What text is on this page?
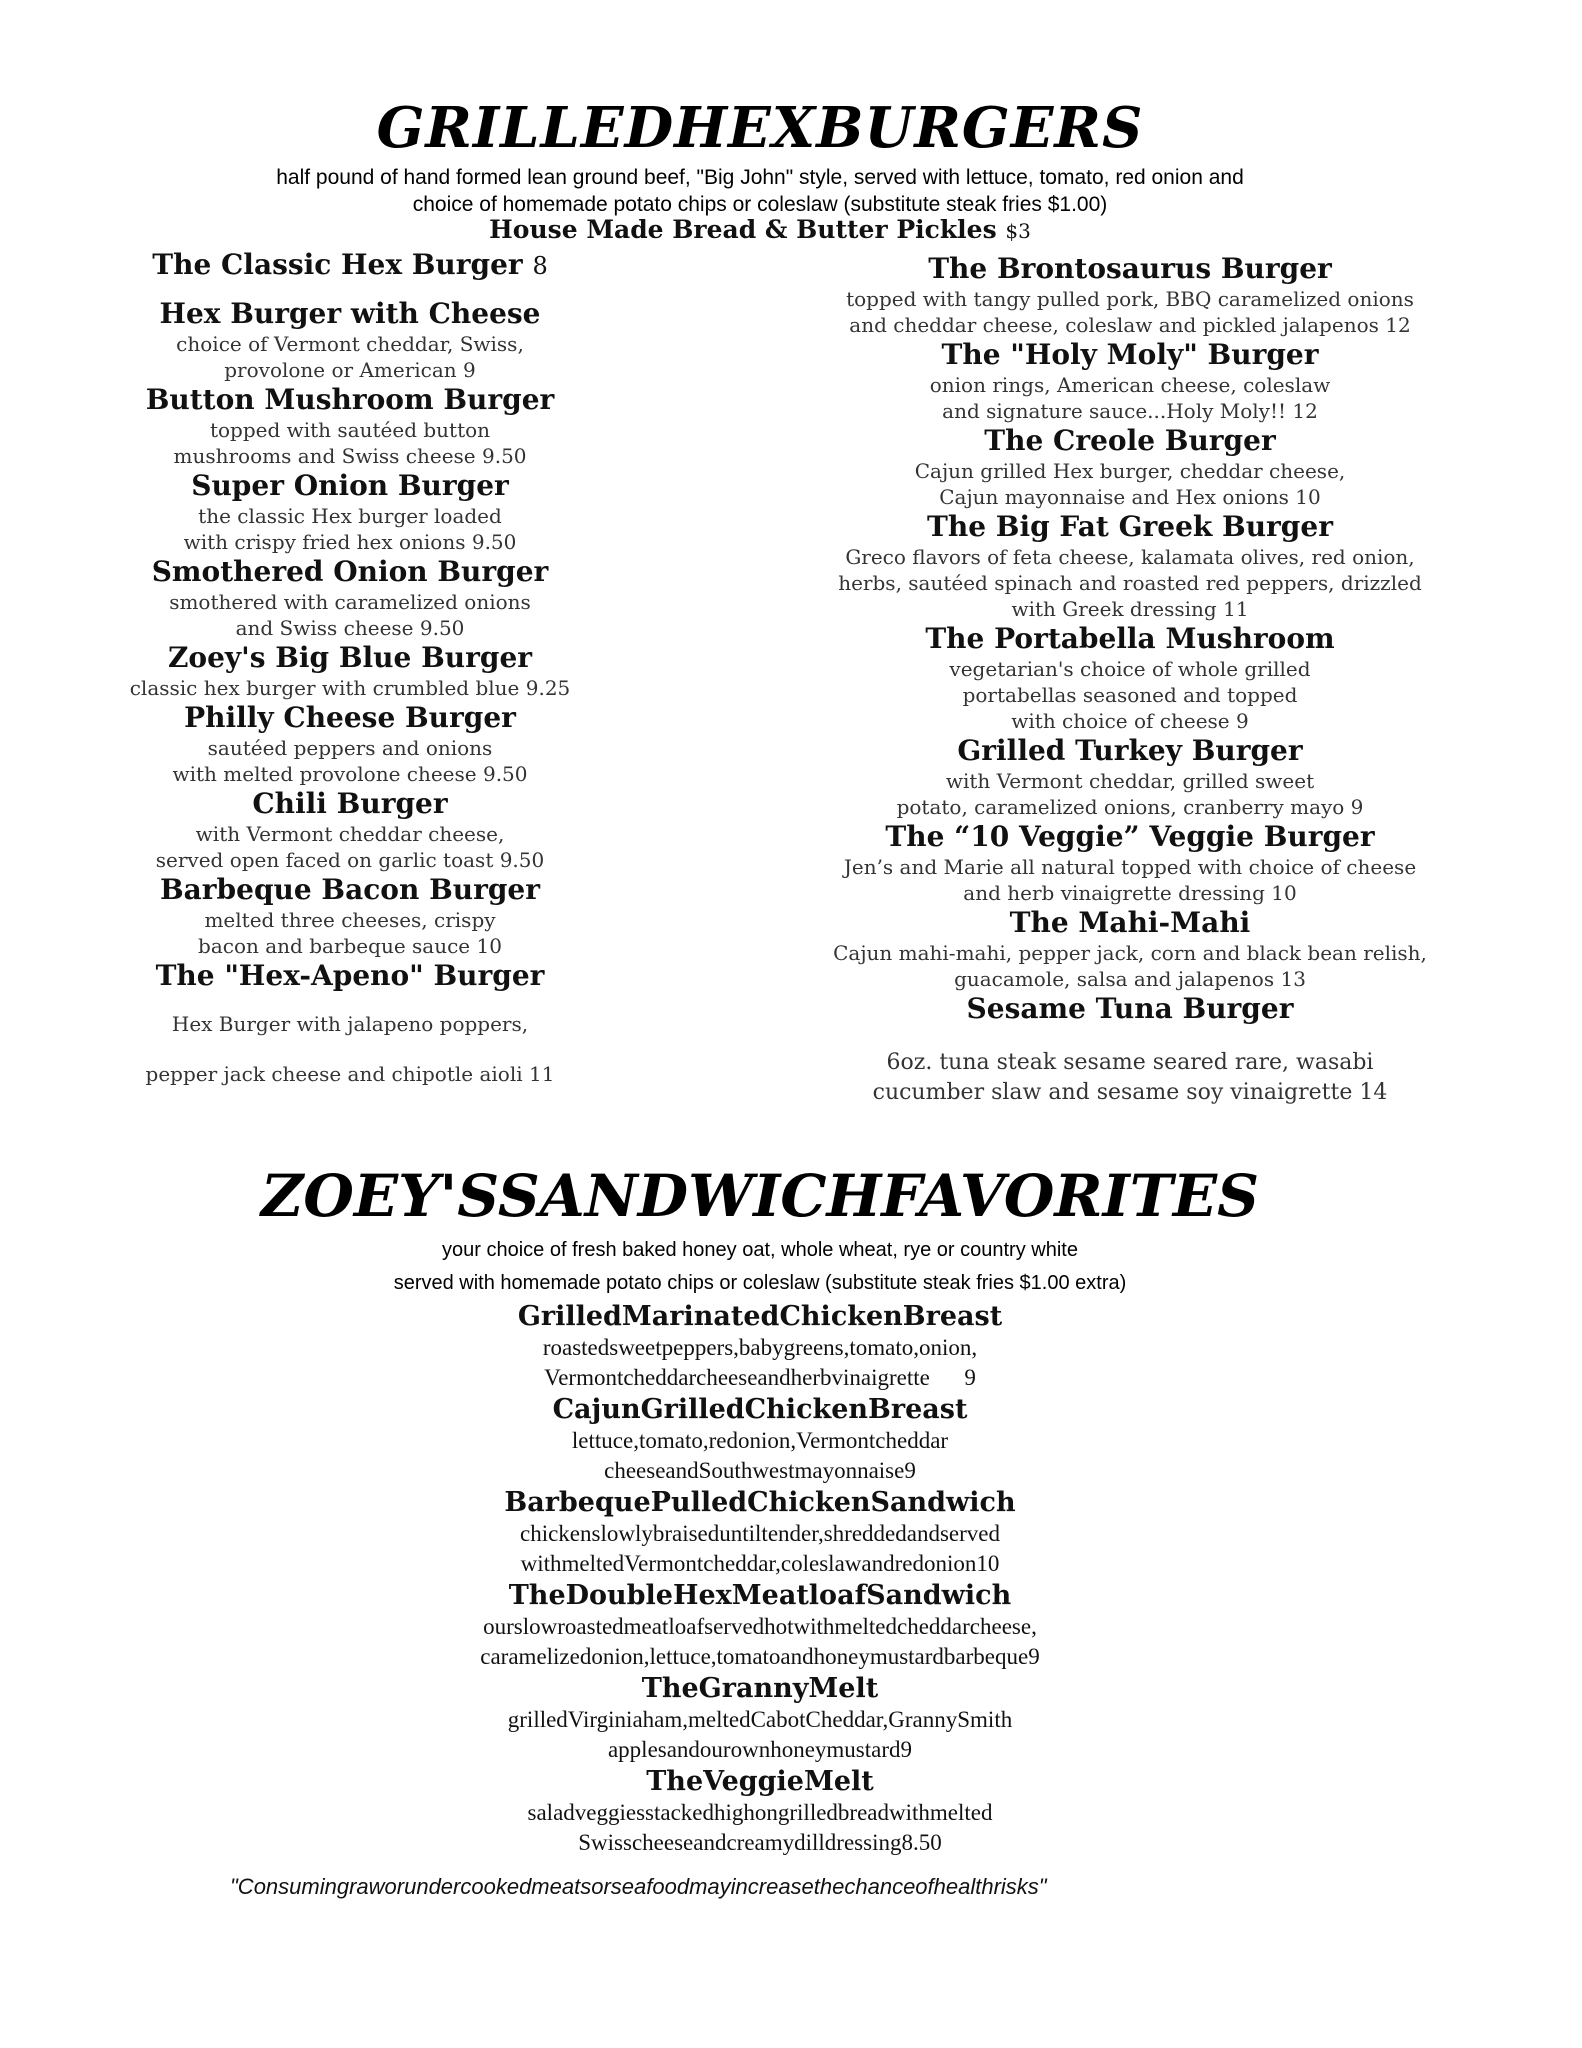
GRILLEDHEXBURGERS
half pound of hand formed lean ground beef, "Big John" style, served with lettuce, tomato, red onion and
choice of homemade potato chips or coleslaw (substitute steak fries $1.00)
House Made Bread & Butter Pickles $3
The Classic Hex Burger 8
Hex Burger with Cheese
choice of Vermont cheddar, Swiss,
provolone or American 9
Button Mushroom Burger
topped with sautéed button
mushrooms and Swiss cheese 9.50
Super Onion Burger
the classic Hex burger loaded
with crispy fried hex onions 9.50
Smothered Onion Burger
smothered with caramelized onions
and Swiss cheese 9.50
Zoey's Big Blue Burger
classic hex burger with crumbled blue 9.25
Philly Cheese Burger
sautéed peppers and onions
with melted provolone cheese 9.50
Chili Burger
with Vermont cheddar cheese,
served open faced on garlic toast 9.50
Barbeque Bacon Burger
melted three cheeses, crispy
bacon and barbeque sauce 10
The "Hex-Apeno" Burger
Hex Burger with jalapeno poppers,
pepper jack cheese and chipotle aioli 11
The Brontosaurus Burger
topped with tangy pulled pork, BBQ caramelized onions
and cheddar cheese, coleslaw and pickled jalapenos 12
The "Holy Moly" Burger
onion rings, American cheese, coleslaw
and signature sauce...Holy Moly!! 12
The Creole Burger
Cajun grilled Hex burger, cheddar cheese,
Cajun mayonnaise and Hex onions 10
The Big Fat Greek Burger
Greco flavors of feta cheese, kalamata olives, red onion,
herbs, sautéed spinach and roasted red peppers, drizzled
with Greek dressing 11
The Portabella Mushroom
vegetarian's choice of whole grilled
portabellas seasoned and topped
with choice of cheese 9
Grilled Turkey Burger
with Vermont cheddar, grilled sweet
potato, caramelized onions, cranberry mayo 9
The “10 Veggie” Veggie Burger
Jen’s and Marie all natural topped with choice of cheese
and herb vinaigrette dressing 10
The Mahi-Mahi
Cajun mahi-mahi, pepper jack, corn and black bean relish,
guacamole, salsa and jalapenos 13
Sesame Tuna Burger
6oz. tuna steak sesame seared rare, wasabi
cucumber slaw and sesame soy vinaigrette 14
ZOEY'SSANDWICHFAVORITES
your choice of fresh baked honey oat, whole wheat, rye or country white
served with homemade potato chips or coleslaw (substitute steak fries $1.00 extra)
GrilledMarinatedChickenBreast
roastedsweetpeppers,babygreens,tomato,onion,
Vermontcheddarcheeseandherbvinaigrette      9
CajunGrilledChickenBreast
lettuce,tomato,redonion,Vermontcheddar
cheeseandSouthwestmayonnaise9
BarbequePulledChickenSandwich
chickenslowlybraiseduntiltender,shreddedandserved
withmeltedVermontcheddar,coleslawandredonion10
TheDoubleHexMeatloafSandwich
ourslowroastedmeatloafservedhotwithmeltedcheddarcheese,
caramelizedonion,lettuce,tomatoandhoneymustardbarbeque9
TheGrannyMelt
grilledVirginiaham,meltedCabotCheddar,GrannySmith
applesandourownhoneymustard9
TheVeggieMelt
saladveggiesstackedhighongrilledbreadwithmelted
Swisscheeseandcreamydilldressing8.50
"Consumingraworundercookedmeatsorseafoodmayincreasethechanceofhealthrisks"
